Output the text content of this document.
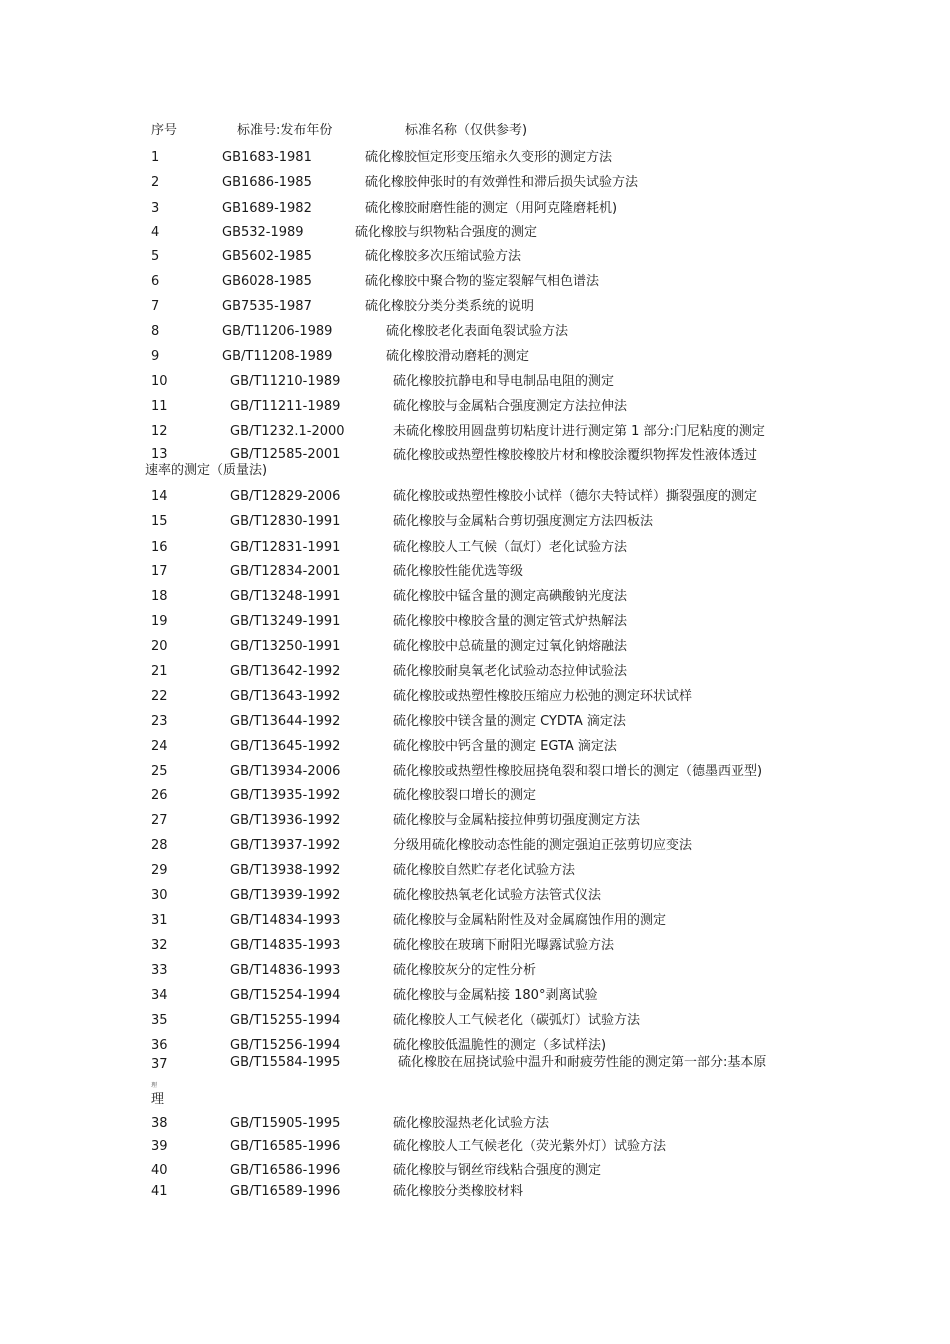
序号	标准号:发布年份	标准名称（仅供参考)
1	GB1683-1981	硫化橡胶恒定形变压缩永久变形的测定方法
2	GB1686-1985	硫化橡胶伸张时的有效弹性和滞后损失试验方法
3	GB1689-1982	硫化橡胶耐磨性能的测定（用阿克隆磨耗机)
4	GB532-1989	硫化橡胶与织物粘合强度的测定
5	GB5602-1985	硫化橡胶多次压缩试验方法
6	GB6028-1985	硫化橡胶中聚合物的鉴定裂解气相色谱法
7	GB7535-1987	硫化橡胶分类分类系统的说明
8	GB/T11206-1989	硫化橡胶老化表面龟裂试验方法
9	GB/T11208-1989	硫化橡胶滑动磨耗的测定
10	GB/T11210-1989	硫化橡胶抗静电和导电制品电阻的测定
11	GB/T11211-1989	硫化橡胶与金属粘合强度测定方法拉伸法
12	GB/T1232.1-2000	未硫化橡胶用圆盘剪切粘度计进行测定第 1 部分:门尼粘度的测定
13	GB/T12585-2001	硫化橡胶或热塑性橡胶橡胶片材和橡胶涂覆织物挥发性液体透过
速率的测定（质量法)
14	GB/T12829-2006	硫化橡胶或热塑性橡胶小试样（德尔夫特试样）撕裂强度的测定
15	GB/T12830-1991	硫化橡胶与金属粘合剪切强度测定方法四板法
16	GB/T12831-1991	硫化橡胶人工气候（氙灯）老化试验方法
17	GB/T12834-2001	硫化橡胶性能优选等级
18	GB/T13248-1991	硫化橡胶中锰含量的测定高碘酸钠光度法
19	GB/T13249-1991	硫化橡胶中橡胶含量的测定管式炉热解法
20	GB/T13250-1991	硫化橡胶中总硫量的测定过氧化钠熔融法
21	GB/T13642-1992	硫化橡胶耐臭氧老化试验动态拉伸试验法
22	GB/T13643-1992	硫化橡胶或热塑性橡胶压缩应力松弛的测定环状试样
23	GB/T13644-1992	硫化橡胶中镁含量的测定 CYDTA 滴定法
24	GB/T13645-1992	硫化橡胶中钙含量的测定 EGTA 滴定法
25	GB/T13934-2006	硫化橡胶或热塑性橡胶屈挠龟裂和裂口增长的测定（德墨西亚型)
26	GB/T13935-1992	硫化橡胶裂口增长的测定
27	GB/T13936-1992	硫化橡胶与金属粘接拉伸剪切强度测定方法
28	GB/T13937-1992	分级用硫化橡胶动态性能的测定强迫正弦剪切应变法
29	GB/T13938-1992	硫化橡胶自然贮存老化试验方法
30	GB/T13939-1992	硫化橡胶热氧老化试验方法管式仪法
31	GB/T14834-1993	硫化橡胶与金属粘附性及对金属腐蚀作用的测定
32	GB/T14835-1993	硫化橡胶在玻璃下耐阳光曝露试验方法
33	GB/T14836-1993	硫化橡胶灰分的定性分析
34	GB/T15254-1994	硫化橡胶与金属粘接 180°剥离试验
35	GB/T15255-1994	硫化橡胶人工气候老化（碳弧灯）试验方法
36	GB/T15256-1994	硫化橡胶低温脆性的测定（多试样法)
37	GB/T15584-1995	硫化橡胶在屈挠试验中温升和耐疲劳性能的测定第一部分:基本原
理
理
38	GB/T15905-1995	硫化橡胶湿热老化试验方法
39	GB/T16585-1996	硫化橡胶人工气候老化（荧光紫外灯）试验方法
40	GB/T16586-1996	硫化橡胶与钢丝帘线粘合强度的测定
41	GB/T16589-1996	硫化橡胶分类橡胶材料
